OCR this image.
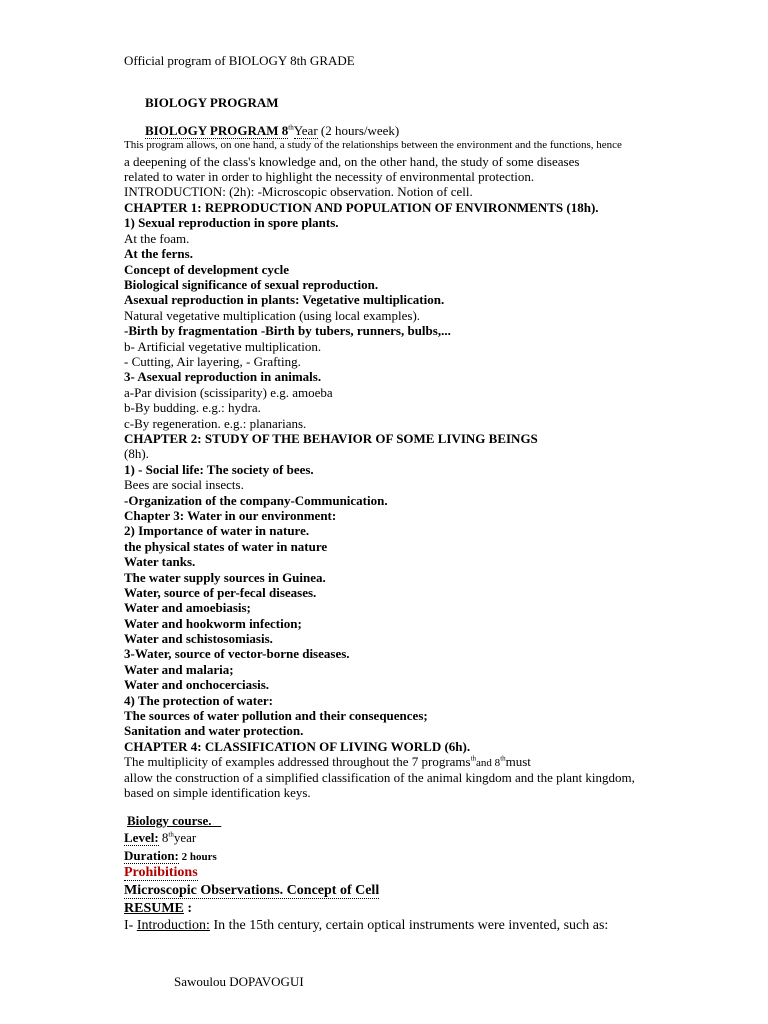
Official program of BIOLOGY 8th GRADE
BIOLOGY PROGRAM
BIOLOGY PROGRAM 8thYear (2 hours/week)
This program allows, on one hand, a study of the relationships between the environment and the functions, hence
a deepening of the class's knowledge and, on the other hand, the study of some diseases
related to water in order to highlight the necessity of environmental protection.
INTRODUCTION: (2h): -Microscopic observation. Notion of cell.
CHAPTER 1: REPRODUCTION AND POPULATION OF ENVIRONMENTS (18h).
1) Sexual reproduction in spore plants.
At the foam.
At the ferns.
Concept of development cycle
Biological significance of sexual reproduction.
Asexual reproduction in plants: Vegetative multiplication.
Natural vegetative multiplication (using local examples).
-Birth by fragmentation -Birth by tubers, runners, bulbs,...
b- Artificial vegetative multiplication.
- Cutting, Air layering, - Grafting.
3- Asexual reproduction in animals.
a-Par division (scissiparity) e.g. amoeba
b-By budding. e.g.: hydra.
c-By regeneration. e.g.: planarians.
CHAPTER 2: STUDY OF THE BEHAVIOR OF SOME LIVING BEINGS
(8h).
1) - Social life: The society of bees.
Bees are social insects.
-Organization of the company-Communication.
Chapter 3: Water in our environment:
2) Importance of water in nature.
the physical states of water in nature
Water tanks.
The water supply sources in Guinea.
Water, source of per-fecal diseases.
Water and amoebiasis;
Water and hookworm infection;
Water and schistosomiasis.
3-Water, source of vector-borne diseases.
Water and malaria;
Water and onchocerciasis.
4) The protection of water:
The sources of water pollution and their consequences;
Sanitation and water protection.
CHAPTER 4: CLASSIFICATION OF LIVING WORLD (6h).
The multiplicity of examples addressed throughout the 7 programs$^{th}$and 8thmust
allow the construction of a simplified classification of the animal kingdom and the plant kingdom,
based on simple identification keys.
Biology course.
Level: 8thyear
Duration: 2 hours
Prohibitions
Microscopic Observations. Concept of Cell
RESUME :
I- Introduction: In the 15th century, certain optical instruments were invented, such as:
Sawoulou DOPAVOGUI
